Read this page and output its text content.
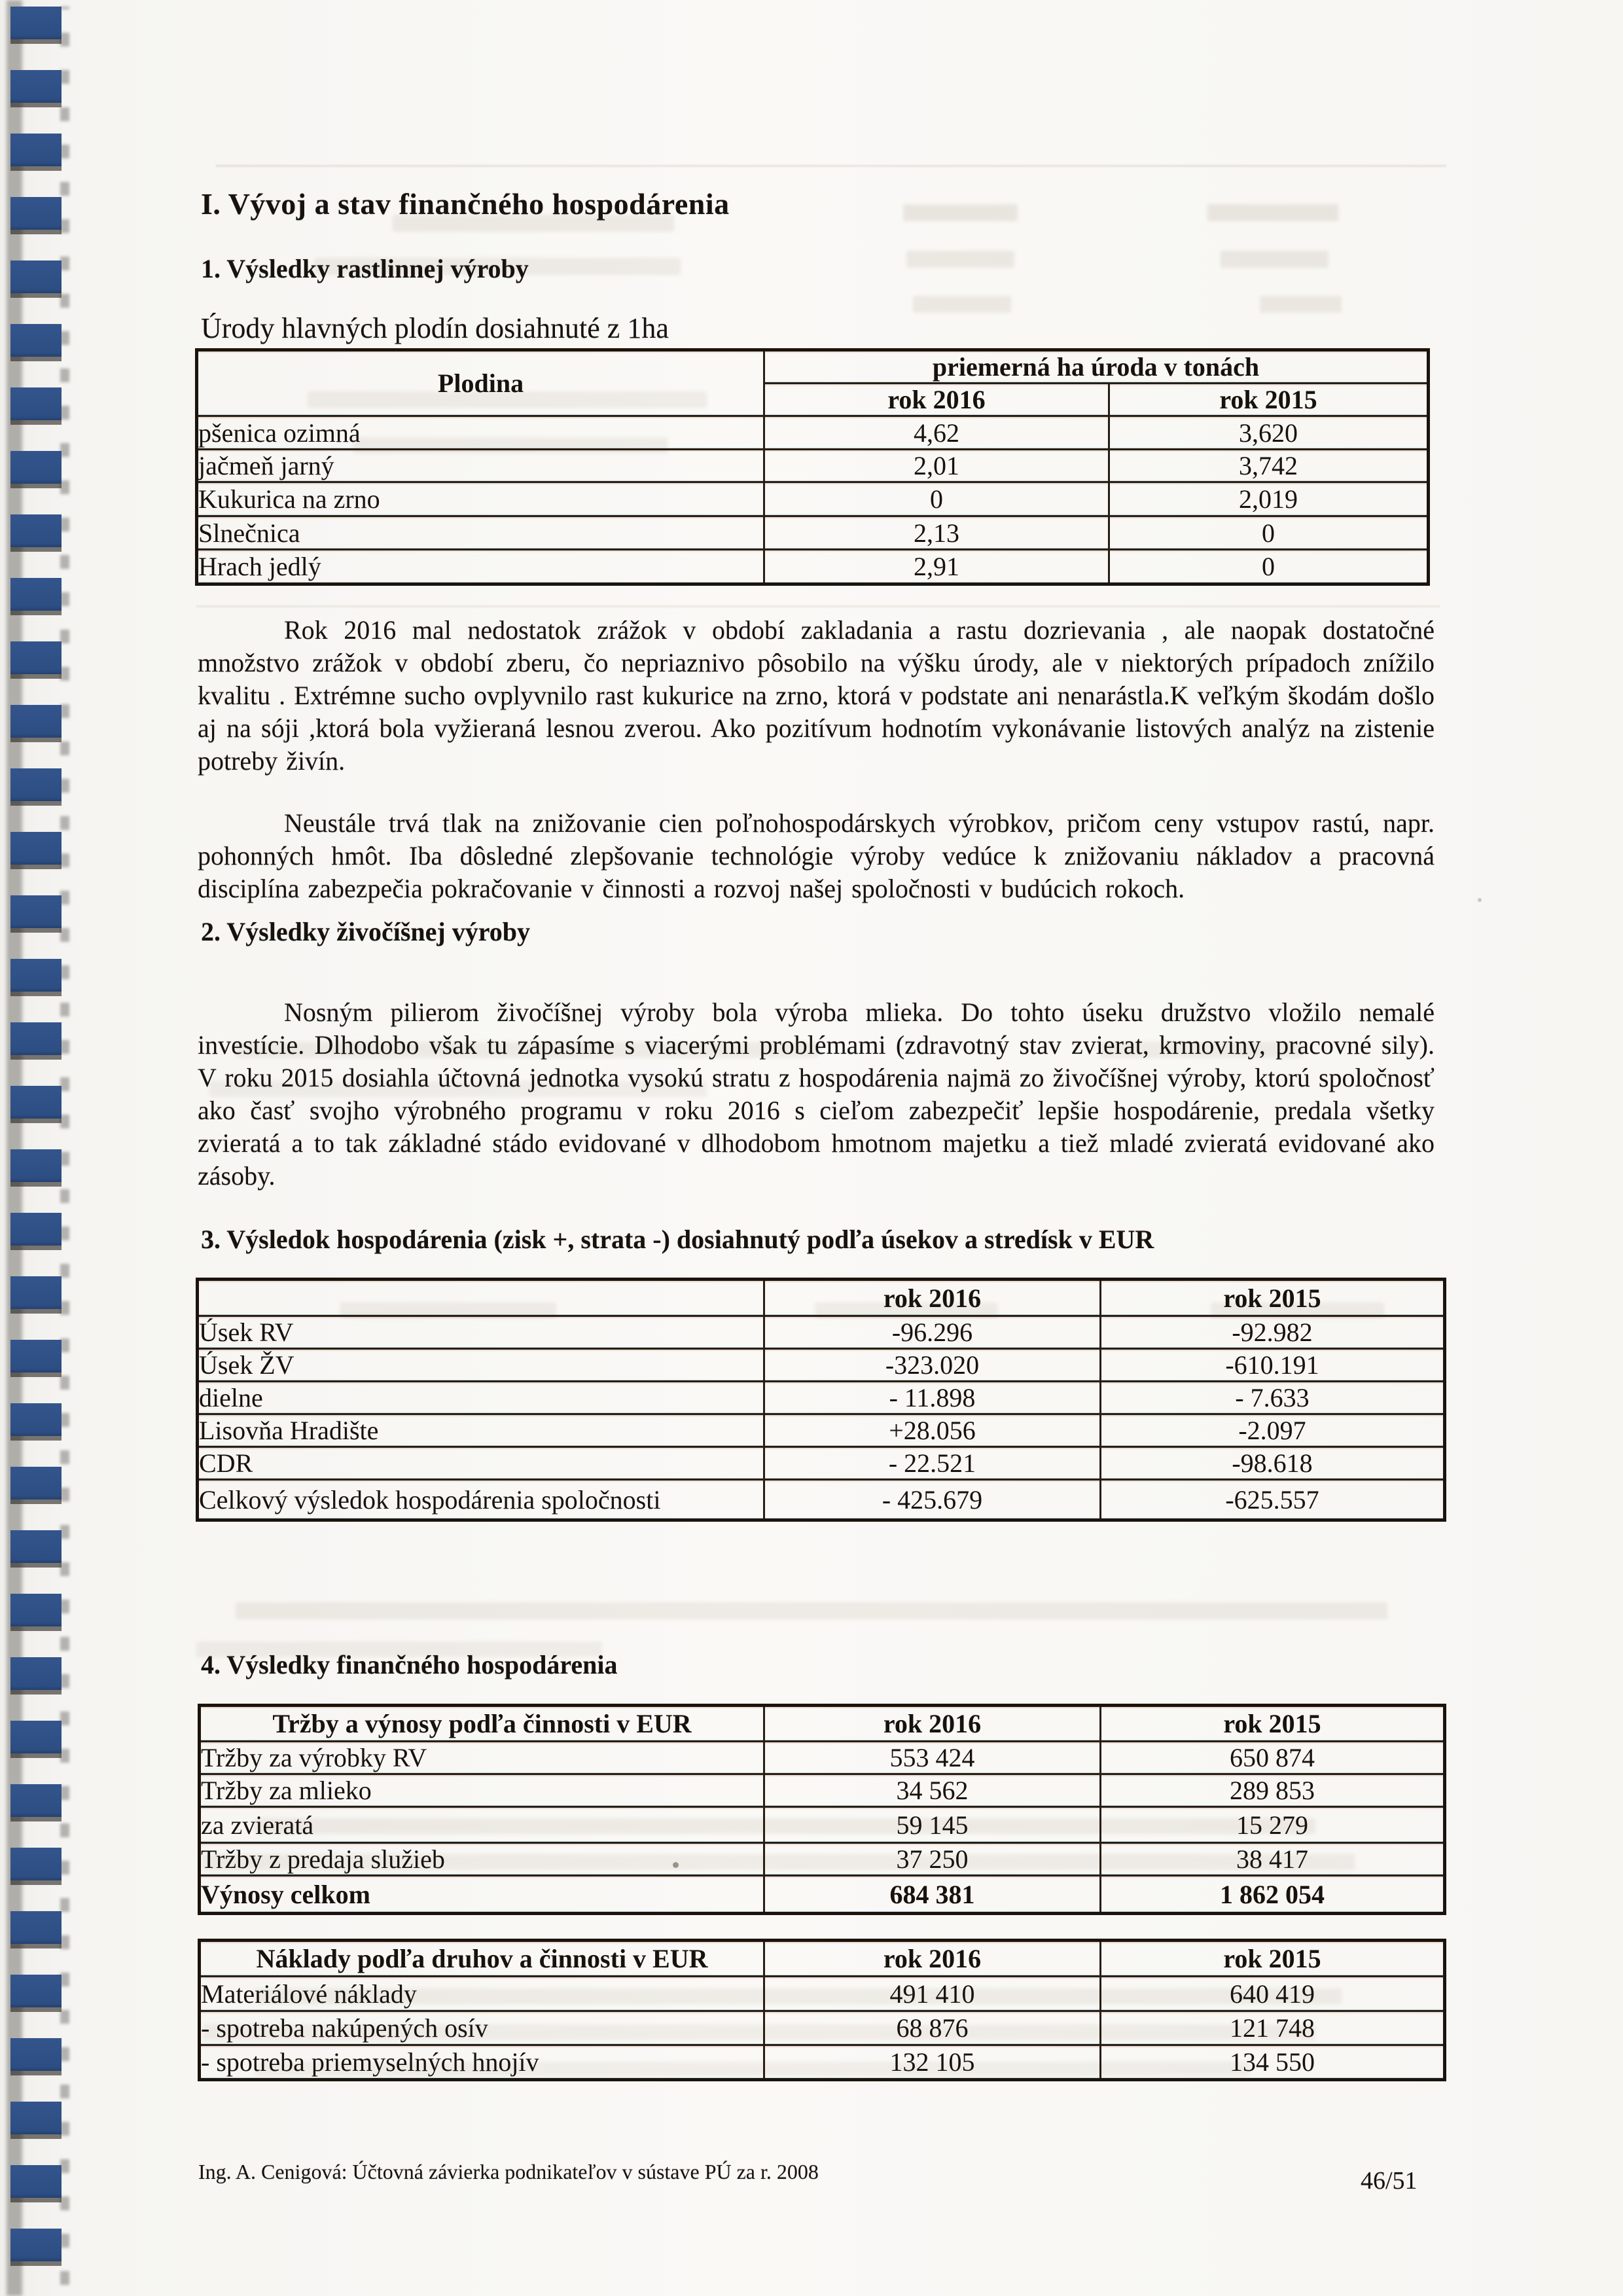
I. Vývoj a stav finančného hospodárenia
1. Výsledky rastlinnej výroby
Úrody hlavných plodín dosiahnuté z 1ha
Plodina	priemerná ha úroda v tonách	
	rok 2016	rok 2015
pšenica ozimná	4,62	3,620
jačmeň jarný	2,01	3,742
Kukurica na zrno	0	2,019
Slnečnica	2,13	0
Hrach jedlý	2,91	0
Rok 2016 mal nedostatok zrážok v období zakladania a rastu dozrievania , ale naopak dostatočné množstvo zrážok v období zberu, čo nepriaznivo pôsobilo na výšku úrody, ale v niektorých prípadoch znížilo kvalitu . Extrémne sucho ovplyvnilo rast kukurice na zrno, ktorá v podstate ani nenarástla.K veľkým škodám došlo aj na sóji ,ktorá bola vyžieraná lesnou zverou. Ako pozitívum hodnotím vykonávanie listových analýz na zistenie potreby živín.
Neustále trvá tlak na znižovanie cien poľnohospodárskych výrobkov, pričom ceny vstupov rastú, napr. pohonných hmôt. Iba dôsledné zlepšovanie technológie výroby vedúce k znižovaniu nákladov a pracovná disciplína zabezpečia pokračovanie v činnosti a rozvoj našej spoločnosti v budúcich rokoch.
2. Výsledky živočíšnej výroby
Nosným pilierom živočíšnej výroby bola výroba mlieka. Do tohto úseku družstvo vložilo nemalé investície. Dlhodobo však tu zápasíme s viacerými problémami (zdravotný stav zvierat, krmoviny, pracovné sily). V roku 2015 dosiahla účtovná jednotka vysokú stratu z hospodárenia najmä zo živočíšnej výroby, ktorú spoločnosť ako časť svojho výrobného programu v roku 2016 s cieľom zabezpečiť lepšie hospodárenie, predala všetky zvieratá a to tak základné stádo evidované v dlhodobom hmotnom majetku a tiež mladé zvieratá evidované ako zásoby.
3. Výsledok hospodárenia (zisk +, strata -) dosiahnutý podľa úsekov a stredísk v EUR
	rok 2016	rok 2015
Úsek RV	-96.296	-92.982
Úsek ŽV	-323.020	-610.191
dielne	- 11.898	- 7.633
Lisovňa Hradište	+28.056	-2.097
CDR	- 22.521	-98.618
Celkový výsledok hospodárenia spoločnosti	- 425.679	-625.557
4. Výsledky finančného hospodárenia
Tržby a výnosy podľa činnosti v EUR	rok 2016	rok 2015
Tržby za výrobky RV	553 424	650 874
Tržby za mlieko	34 562	289 853
za zvieratá	59 145	15 279
Tržby z predaja služieb	37 250	38 417
Výnosy celkom	684 381	1 862 054
Náklady podľa druhov a činnosti v EUR	rok 2016	rok 2015
Materiálové náklady	491 410	640 419
- spotreba nakúpených osív	68 876	121 748
- spotreba priemyselných hnojív	132 105	134 550
Ing. A. Cenigová: Účtovná závierka podnikateľov v sústave PÚ za r. 2008	46/51
